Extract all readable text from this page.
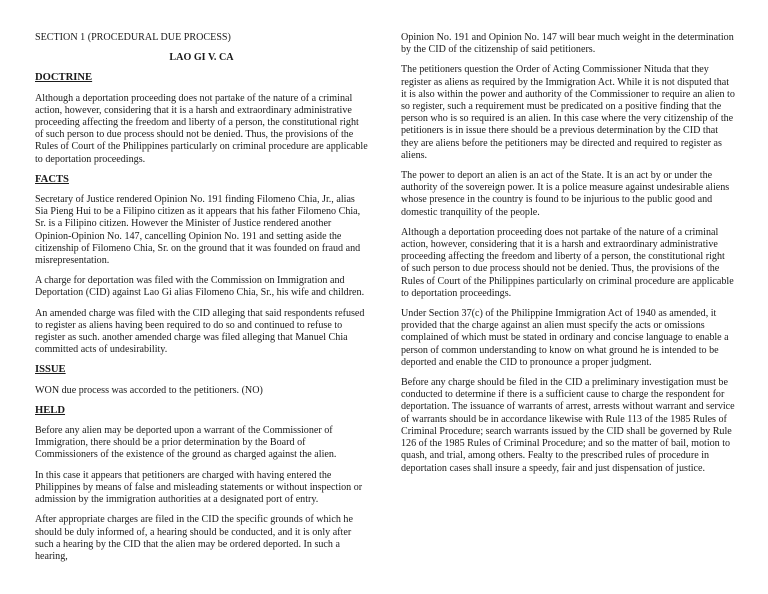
SECTION 1 (PROCEDURAL DUE PROCESS)

LAO GI V. CA

DOCTRINE

Although a deportation proceeding does not partake of the nature of a criminal action, however, considering that it is a harsh and extraordinary administrative proceeding affecting the freedom and liberty of a person, the constitutional right of such person to due process should not be denied. Thus, the provisions of the Rules of Court of the Philippines particularly on criminal procedure are applicable to deportation proceedings.

FACTS

Secretary of Justice rendered Opinion No. 191 finding Filomeno Chia, Jr., alias Sia Pieng Hui to be a Filipino citizen as it appears that his father Filomeno Chia, Sr. is a Filipino citizen. However the Minister of Justice rendered another Opinion-Opinion No. 147, cancelling Opinion No. 191 and setting aside the citizenship of Filomeno Chia, Sr. on the ground that it was founded on fraud and misrepresentation.

A charge for deportation was filed with the Commission on Immigration and Deportation (CID) against Lao Gi alias Filomeno Chia, Sr., his wife and children.

An amended charge was filed with the CID alleging that said respondents refused to register as aliens having been required to do so and continued to refuse to register as such. another amended charge was filed alleging that Manuel Chia committed acts of undesirability.

ISSUE

WON due process was accorded to the petitioners. (NO)

HELD

Before any alien may be deported upon a warrant of the Commissioner of Immigration, there should be a prior determination by the Board of Commissioners of the existence of the ground as charged against the alien.

In this case it appears that petitioners are charged with having entered the Philippines by means of false and misleading statements or without inspection or admission by the immigration authorities at a designated port of entry.

After appropriate charges are filed in the CID the specific grounds of which he should be duly informed of, a hearing should be conducted, and it is only after such a hearing by the CID that the alien may be ordered deported. In such a hearing,

Opinion No. 191 and Opinion No. 147 will bear much weight in the determination by the CID of the citizenship of said petitioners.

The petitioners question the Order of Acting Commissioner Nituda that they register as aliens as required by the Immigration Act. While it is not disputed that it is also within the power and authority of the Commissioner to require an alien to so register, such a requirement must be predicated on a positive finding that the person who is so required is an alien. In this case where the very citizenship of the petitioners is in issue there should be a previous determination by the CID that they are aliens before the petitioners may be directed and required to register as aliens.

The power to deport an alien is an act of the State. It is an act by or under the authority of the sovereign power. It is a police measure against undesirable aliens whose presence in the country is found to be injurious to the public good and domestic tranquility of the people.

Although a deportation proceeding does not partake of the nature of a criminal action, however, considering that it is a harsh and extraordinary administrative proceeding affecting the freedom and liberty of a person, the constitutional right of such person to due process should not be denied. Thus, the provisions of the Rules of Court of the Philippines particularly on criminal procedure are applicable to deportation proceedings.

Under Section 37(c) of the Philippine Immigration Act of 1940 as amended, it provided that the charge against an alien must specify the acts or omissions complained of which must be stated in ordinary and concise language to enable a person of common understanding to know on what ground he is intended to be deported and enable the CID to pronounce a proper judgment.

Before any charge should be filed in the CID a preliminary investigation must be conducted to determine if there is a sufficient cause to charge the respondent for deportation. The issuance of warrants of arrest, arrests without warrant and service of warrants should be in accordance likewise with Rule 113 of the 1985 Rules of Criminal Procedure; search warrants issued by the CID shall be governed by Rule 126 of the 1985 Rules of Criminal Procedure; and so the matter of bail, motion to quash, and trial, among others. Fealty to the prescribed rules of procedure in deportation cases shall insure a speedy, fair and just dispensation of justice.
